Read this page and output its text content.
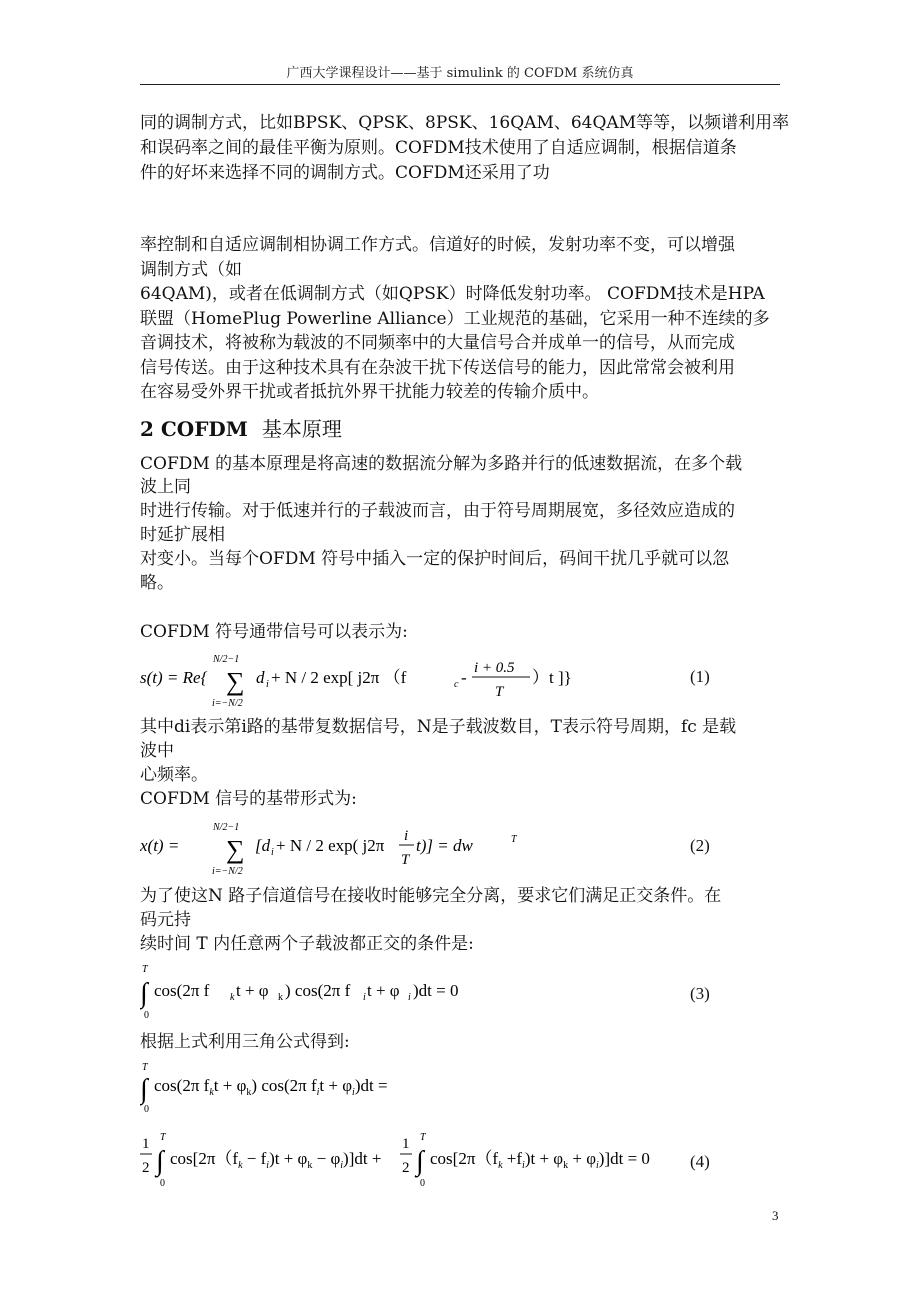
广西大学课程设计——基于 simulink 的 COFDM 系统仿真
同的调制方式，比如BPSK、QPSK、8PSK、16QAM、64QAM等等，以频谱利用率
和误码率之间的最佳平衡为原则。COFDM技术使用了自适应调制，根据信道条
件的好坏来选择不同的调制方式。COFDM还采用了功
率控制和自适应调制相协调工作方式。信道好的时候，发射功率不变，可以增强
调制方式（如
64QAM)，或者在低调制方式（如QPSK）时降低发射功率。 COFDM技术是HPA
联盟（HomePlug Powerline Alliance）工业规范的基础，它采用一种不连续的多
音调技术，将被称为载波的不同频率中的大量信号合并成单一的信号，从而完成
信号传送。由于这种技术具有在杂波干扰下传送信号的能力，因此常常会被利用
在容易受外界干扰或者抵抗外界干扰能力较差的传输介质中。
2 COFDM 基本原理
COFDM 的基本原理是将高速的数据流分解为多路并行的低速数据流，在多个载
波上同
时进行传输。对于低速并行的子载波而言，由于符号周期展宽，多径效应造成的
时延扩展相
对变小。当每个OFDM 符号中插入一定的保护时间后，码间干扰几乎就可以忽
略。
COFDM 符号通带信号可以表示为:
s(t) = Re{
N/2−1
∑
i=−N/2
d i + N / 2 exp[ j2π （f	c - i + 0.5
T
）t ]}	(1)
其中di表示第i路的基带复数据信号，N是子载波数目，T表示符号周期，fc 是载
波中
心频率。
COFDM 信号的基带形式为:
x(t) =
N/2−1
∑
i=−N/2
[d i + N / 2 exp( j2π i
T
t)] = dw	T	(2)
为了使这N 路子信道信号在接收时能够完全分离，要求它们满足正交条件。在
码元持
续时间 T 内任意两个子载波都正交的条件是:
T
∫
0
cos(2π f k t + φ k ) cos(2π f i t + φ i )dt = 0	(3)
根据上式利用三角公式得到:
T
∫
0
cos(2π $f_kt + \varphi_k$) cos(2π $f_it + \varphi_i)dt$ =
1
2
T
∫
0
$\cos[2\pi(f_k - f_i)t + \varphi_k - \varphi_i)]dt$ +
1
2
T
∫
0
$\cos[2\pi(f_k +f_i)t + \varphi_k + \varphi_i)]dt = 0$ (4)
3
